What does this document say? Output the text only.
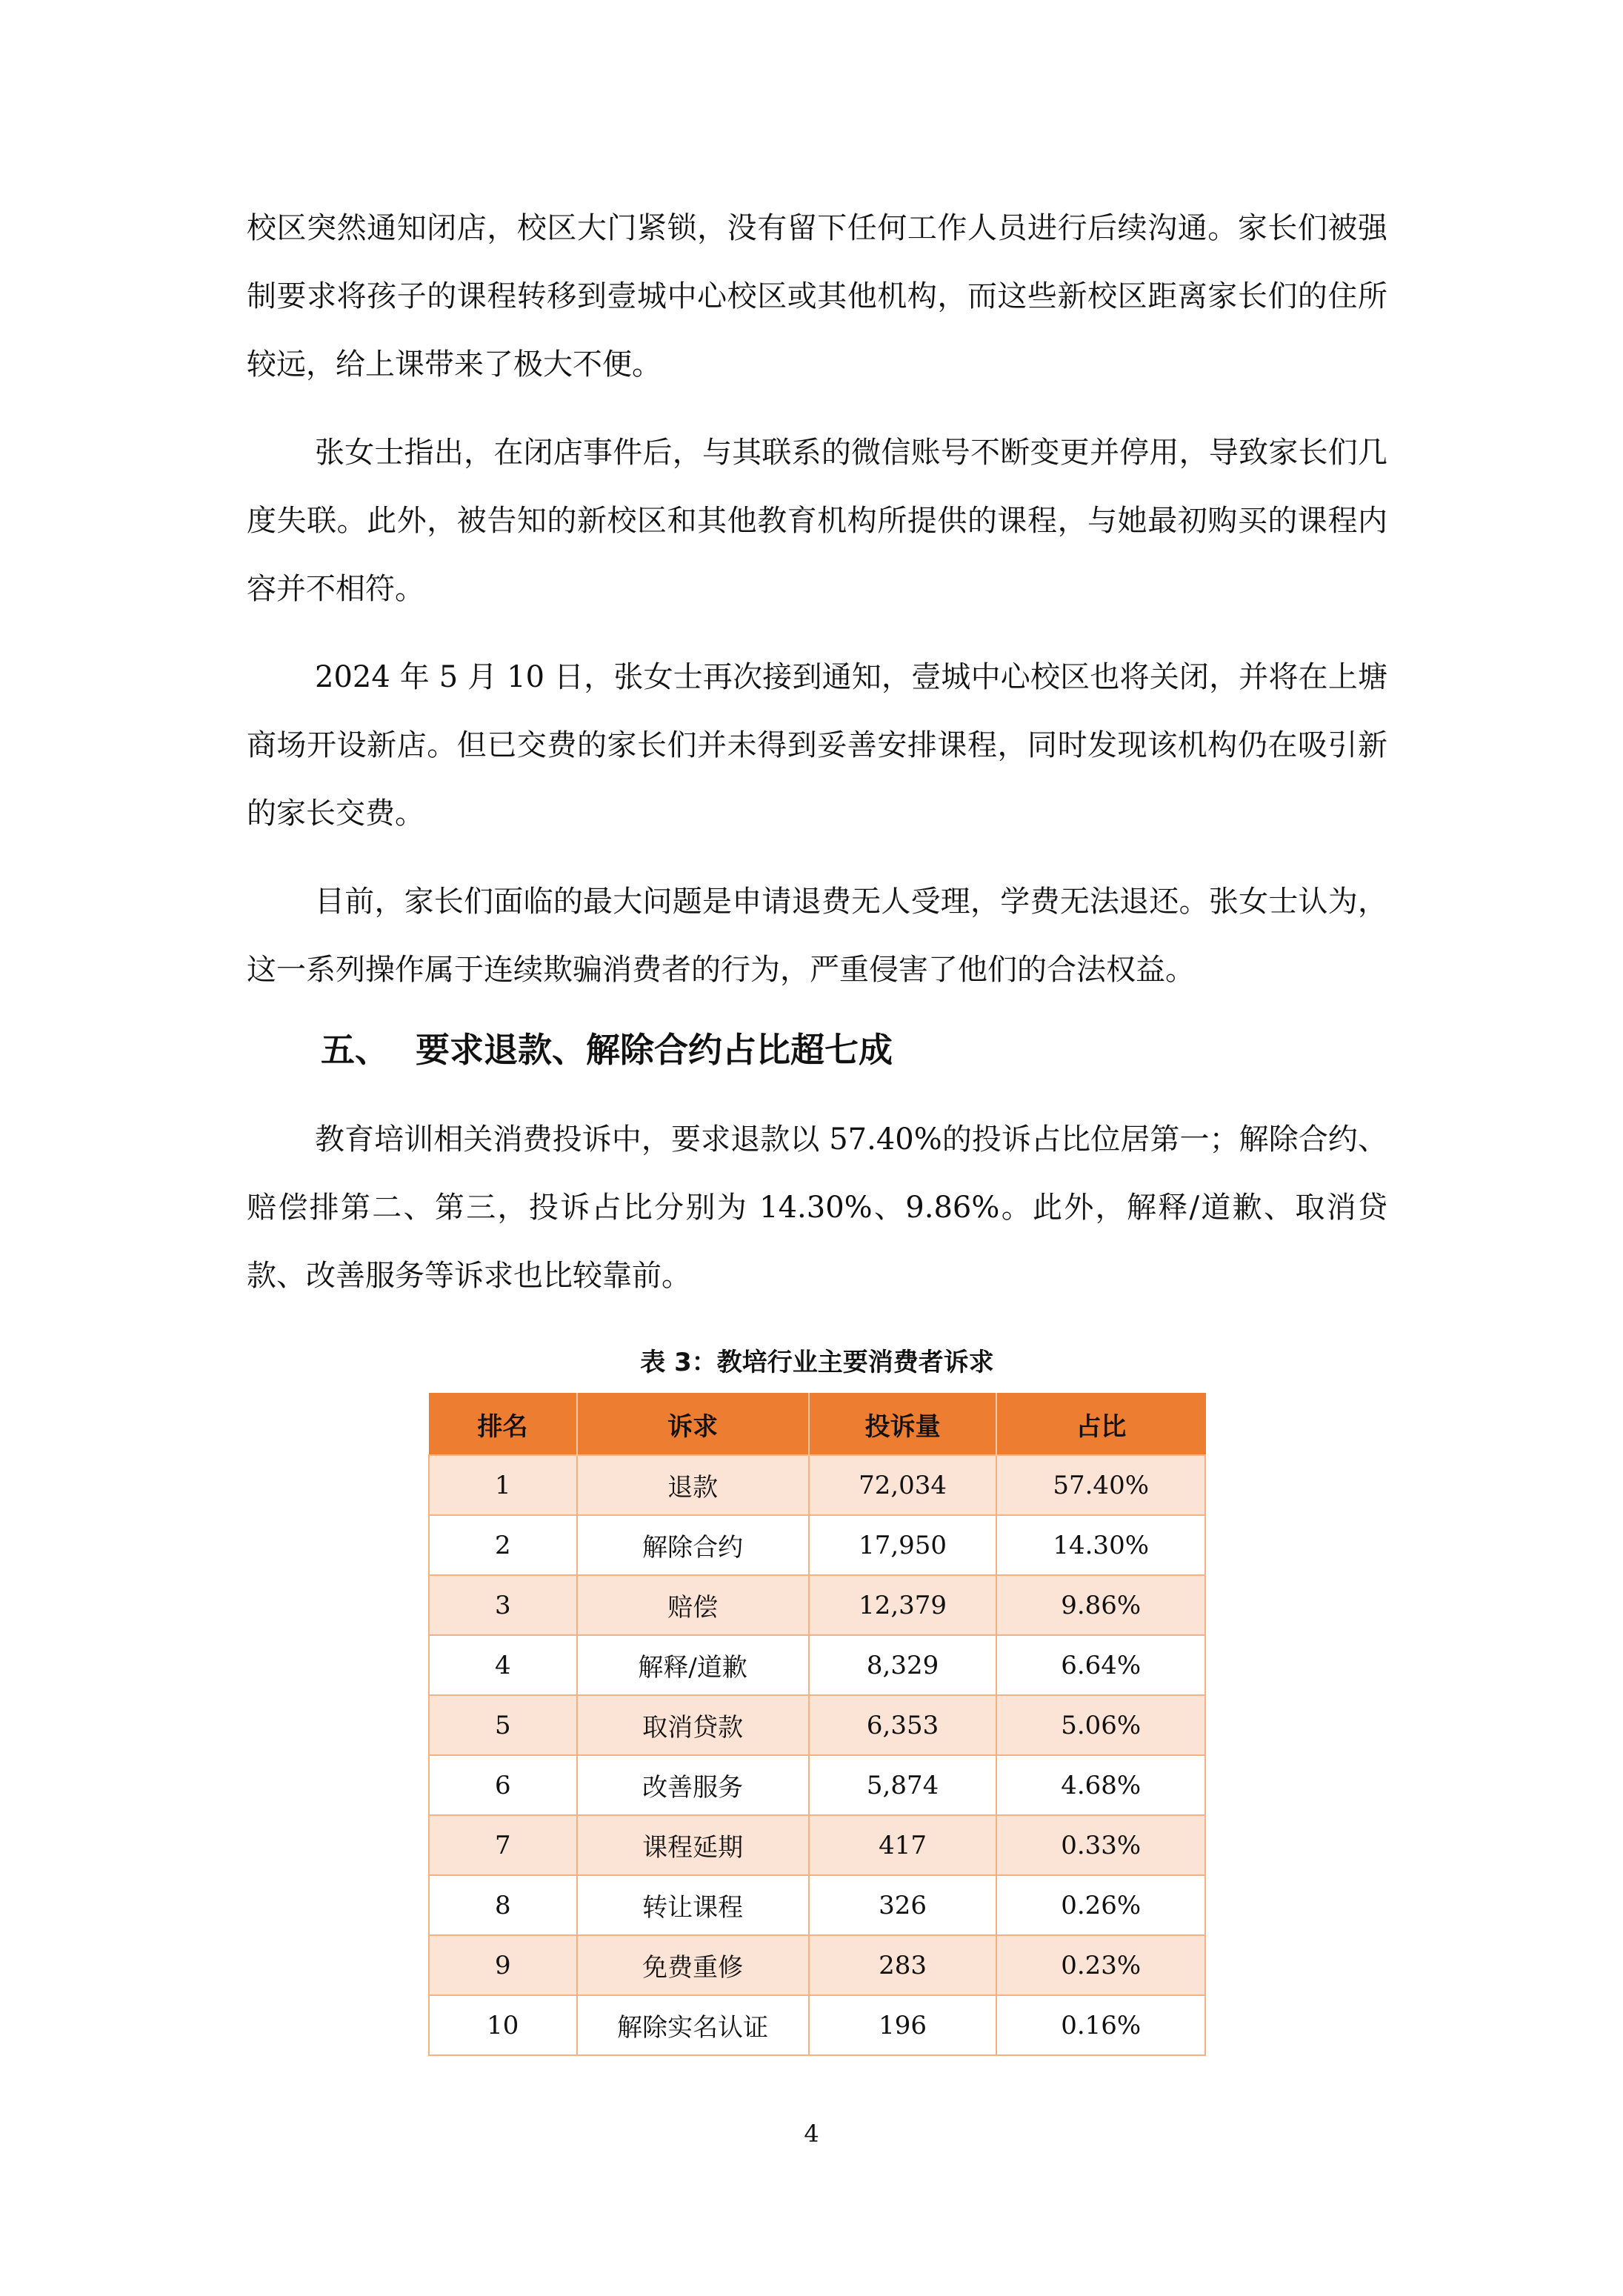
校区突然通知闭店，校区大门紧锁，没有留下任何工作人员进行后续沟通。家长们被强制要求将孩子的课程转移到壹城中心校区或其他机构，而这些新校区距离家长们的住所较远，给上课带来了极大不便。

张女士指出，在闭店事件后，与其联系的微信账号不断变更并停用，导致家长们几度失联。此外，被告知的新校区和其他教育机构所提供的课程，与她最初购买的课程内容并不相符。

2024 年 5 月 10 日，张女士再次接到通知，壹城中心校区也将关闭，并将在上塘商场开设新店。但已交费的家长们并未得到妥善安排课程，同时发现该机构仍在吸引新的家长交费。

目前，家长们面临的最大问题是申请退费无人受理，学费无法退还。张女士认为，这一系列操作属于连续欺骗消费者的行为，严重侵害了他们的合法权益。

五、 要求退款、解除合约占比超七成

教育培训相关消费投诉中，要求退款以 57.40%的投诉占比位居第一；解除合约、赔偿排第二、第三，投诉占比分别为 14.30%、9.86%。此外，解释/道歉、取消贷款、改善服务等诉求也比较靠前。

表 3：教培行业主要消费者诉求
排名	诉求	投诉量	占比
1	退款	72,034	57.40%
2	解除合约	17,950	14.30%
3	赔偿	12,379	9.86%
4	解释/道歉	8,329	6.64%
5	取消贷款	6,353	5.06%
6	改善服务	5,874	4.68%
7	课程延期	417	0.33%
8	转让课程	326	0.26%
9	免费重修	283	0.23%
10	解除实名认证	196	0.16%
4
